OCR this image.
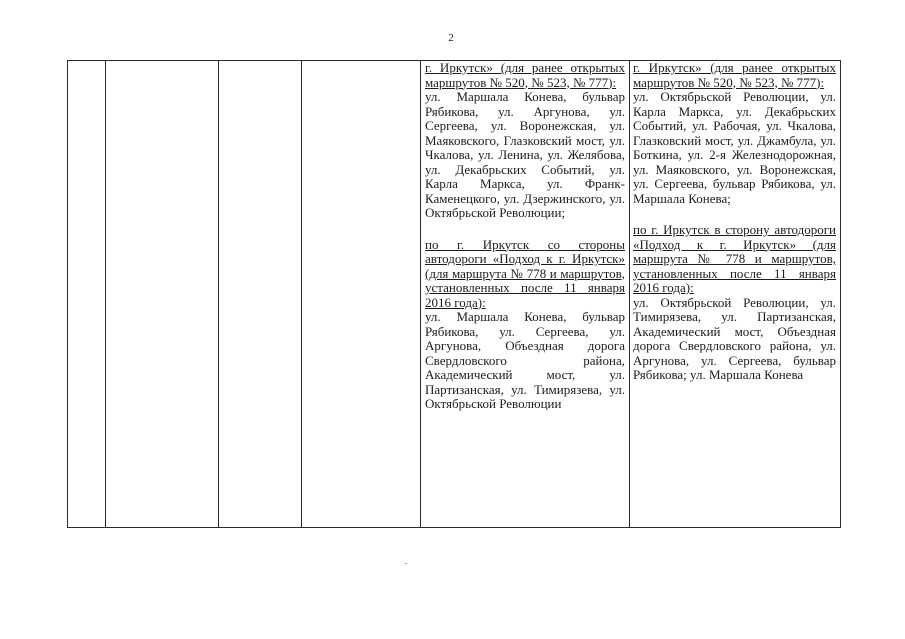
2

г. Иркутск» (для ранее открытых маршрутов № 520, № 523, № 777):

ул. Маршала Конева, бульвар Рябикова, ул. Аргунова, ул. Сергеева, ул. Воронежская, ул. Маяковского, Глазковский мост, ул. Чкалова, ул. Ленина, ул. Желябова, ул. Декабрьских Событий, ул. Карла Маркса, ул. Франк-Каменецкого, ул. Дзержинского, ул. Октябрьской Революции;

по г. Иркутск со стороны автодороги «Подход к г. Иркутск» (для маршрута № 778 и маршрутов, установленных после 11 января 2016 года):

ул. Маршала Конева, бульвар Рябикова, ул. Сергеева, ул. Аргунова, Объездная дорога Свердловского района, Академический мост, ул. Партизанская, ул. Тимирязева, ул. Октябрьской Революции

г. Иркутск» (для ранее открытых маршрутов № 520, № 523, № 777):

ул. Октябрьской Революции, ул. Карла Маркса, ул. Декабрьских Событий, ул. Рабочая, ул. Чкалова, Глазковский мост, ул. Джамбула, ул. Боткина, ул. 2-я Железнодорожная, ул. Маяковского, ул. Воронежская, ул. Сергеева, бульвар Рябикова, ул. Маршала Конева;

по г. Иркутск в сторону автодороги «Подход к г. Иркутск» (для маршрута № 778 и маршрутов, установленных после 11 января 2016 года):

ул. Октябрьской Революции, ул. Тимирязева, ул. Партизанская, Академический мост, Объездная дорога Свердловского района, ул. Аргунова, ул. Сергеева, бульвар Рябикова; ул. Маршала Конева
